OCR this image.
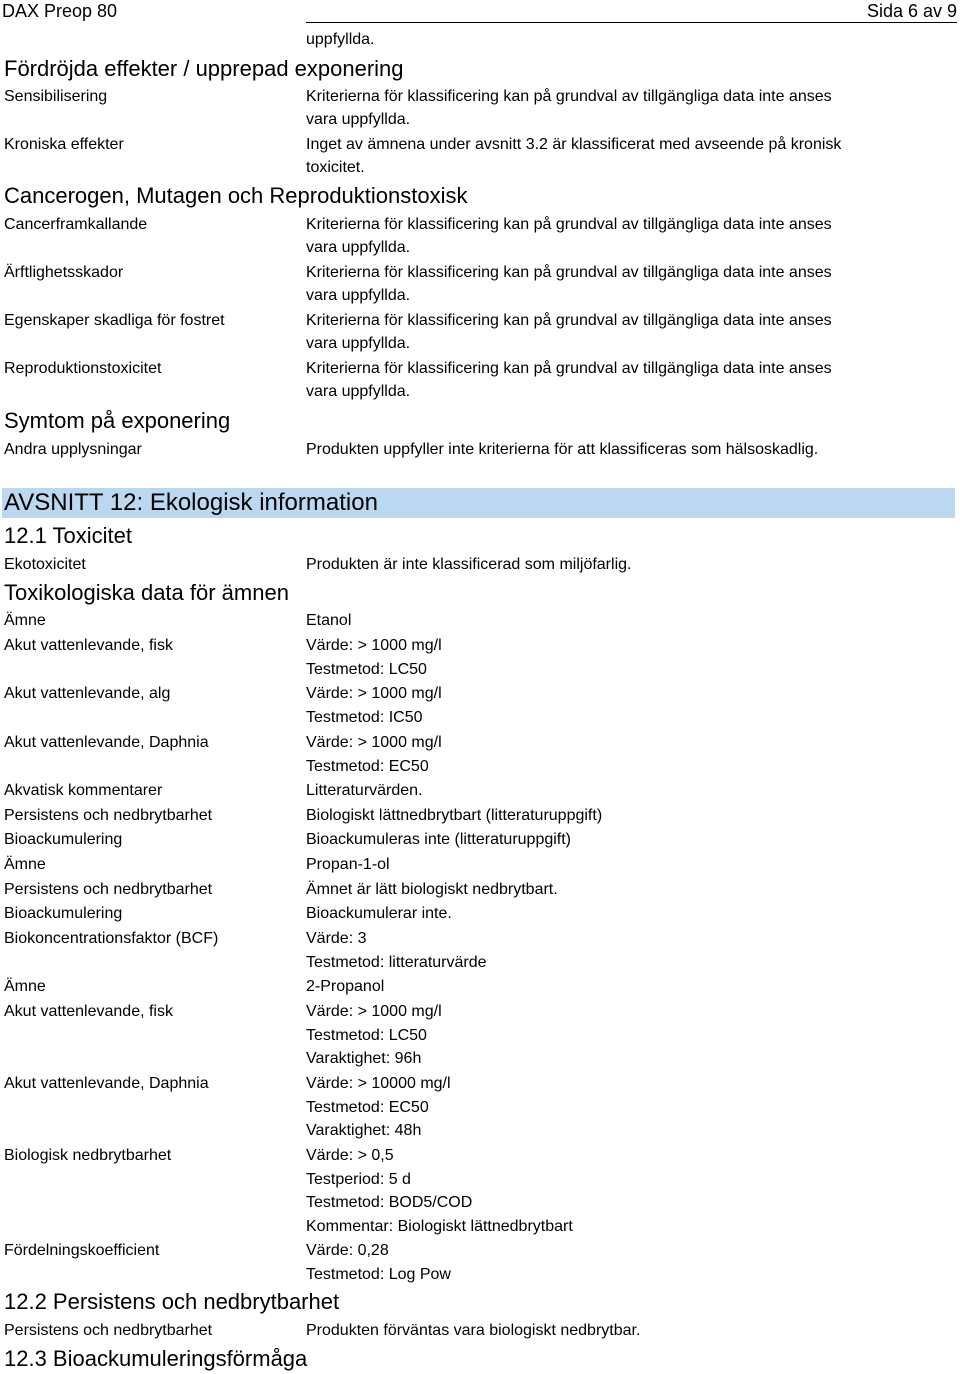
DAX Preop 80	Sida 6 av 9
uppfyllda.
Fördröjda effekter / upprepad exponering
Sensibilisering	Kriterierna för klassificering kan på grundval av tillgängliga data inte anses
vara uppfyllda.
Kroniska effekter	Inget av ämnena under avsnitt 3.2 är klassificerat med avseende på kronisk
toxicitet.
Cancerogen, Mutagen och Reproduktionstoxisk
Cancerframkallande	Kriterierna för klassificering kan på grundval av tillgängliga data inte anses
vara uppfyllda.
Ärftlighetsskador	Kriterierna för klassificering kan på grundval av tillgängliga data inte anses
vara uppfyllda.
Egenskaper skadliga för fostret	Kriterierna för klassificering kan på grundval av tillgängliga data inte anses
vara uppfyllda.
Reproduktionstoxicitet	Kriterierna för klassificering kan på grundval av tillgängliga data inte anses
vara uppfyllda.
Symtom på exponering
Andra upplysningar	Produkten uppfyller inte kriterierna för att klassificeras som hälsoskadlig.
AVSNITT 12: Ekologisk information
12.1 Toxicitet
Ekotoxicitet	Produkten är inte klassificerad som miljöfarlig.
Toxikologiska data för ämnen
Ämne	Etanol
Akut vattenlevande, fisk	Värde: > 1000 mg/l
Testmetod: LC50
Akut vattenlevande, alg	Värde: > 1000 mg/l
Testmetod: IC50
Akut vattenlevande, Daphnia	Värde: > 1000 mg/l
Testmetod: EC50
Akvatisk kommentarer	Litteraturvärden.
Persistens och nedbrytbarhet	Biologiskt lättnedbrytbart (litteraturuppgift)
Bioackumulering	Bioackumuleras inte (litteraturuppgift)
Ämne	Propan-1-ol
Persistens och nedbrytbarhet	Ämnet är lätt biologiskt nedbrytbart.
Bioackumulering	Bioackumulerar inte.
Biokoncentrationsfaktor (BCF)	Värde: 3
Testmetod: litteraturvärde
Ämne	2-Propanol
Akut vattenlevande, fisk	Värde: > 1000 mg/l
Testmetod: LC50
Varaktighet: 96h
Akut vattenlevande, Daphnia	Värde: > 10000 mg/l
Testmetod: EC50
Varaktighet: 48h
Biologisk nedbrytbarhet	Värde: > 0,5
Testperiod: 5 d
Testmetod: BOD5/COD
Kommentar: Biologiskt lättnedbrytbart
Fördelningskoefficient	Värde: 0,28
Testmetod: Log Pow
12.2 Persistens och nedbrytbarhet
Persistens och nedbrytbarhet	Produkten förväntas vara biologiskt nedbrytbar.
12.3 Bioackumuleringsförmåga
